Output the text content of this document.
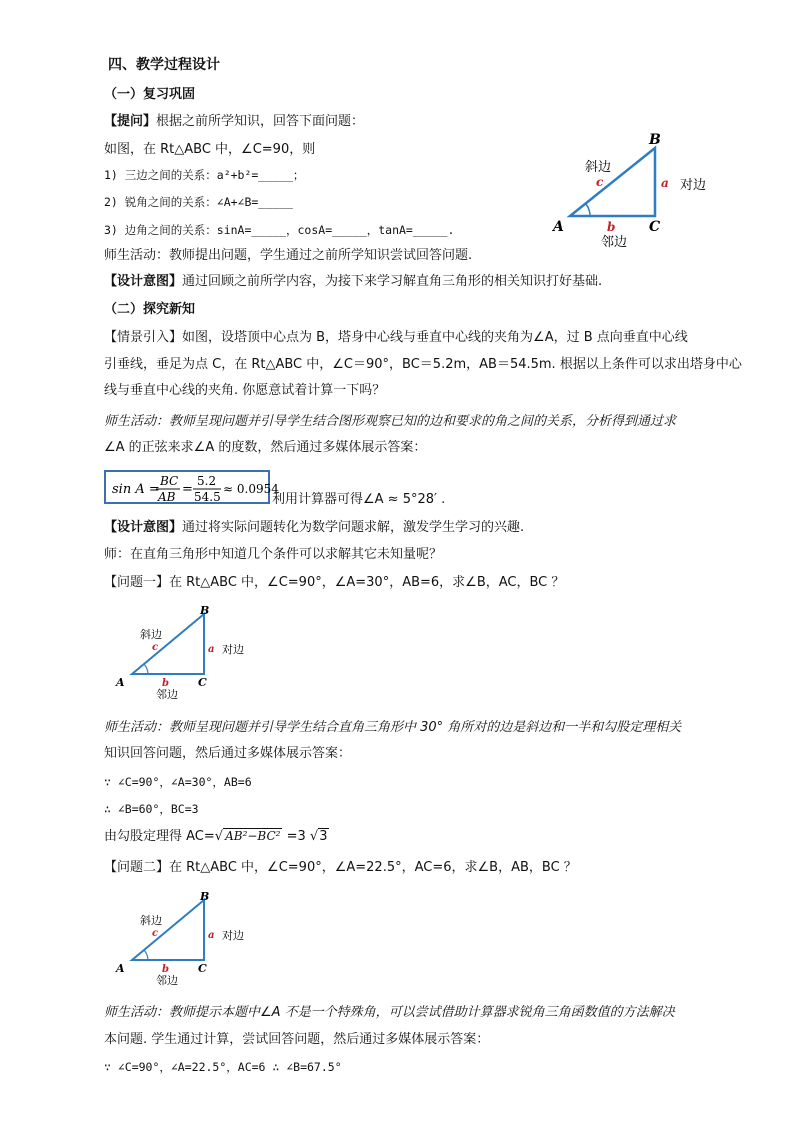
四、教学过程设计
（一）复习巩固
【提问】根据之前所学知识，回答下面问题：
如图，在 Rt△ABC 中，∠C=90，则
1) 三边之间的关系：a²+b²=_____；
2) 锐角之间的关系：∠A+∠B=_____
3) 边角之间的关系：sinA=_____，cosA=_____，tanA=_____.
师生活动：教师提出问题，学生通过之前所学知识尝试回答问题.
【设计意图】通过回顾之前所学内容，为接下来学习解直角三角形的相关知识打好基础.
B
A	C
斜边
c	a 对边
b
邻边
（二）探究新知
【情景引入】如图，设塔顶中心点为 B，塔身中心线与垂直中心线的夹角为∠A，过 B 点向垂直中心线
引垂线，垂足为点 C，在 Rt△ABC 中，∠C＝90°，BC＝5.2m，AB＝54.5m. 根据以上条件可以求出塔身中心
线与垂直中心线的夹角. 你愿意试着计算一下吗？
师生活动：教师呈现问题并引导学生结合图形观察已知的边和要求的角之间的关系，分析得到通过求
∠A 的正弦来求∠A 的度数，然后通过多媒体展示答案：
sin A =
BC
AB =
5.2
54.5
≈ 0.0954
利用计算器可得∠A ≈ 5°28′ .
【设计意图】通过将实际问题转化为数学问题求解，激发学生学习的兴趣.
师：在直角三角形中知道几个条件可以求解其它未知量呢？
【问题一】在 Rt△ABC 中，∠C=90°，∠A=30°，AB=6，求∠B，AC，BC ？
B
A	C
斜边
c	a 对边
b
邻边
师生活动：教师呈现问题并引导学生结合直角三角形中 30° 角所对的边是斜边和一半和勾股定理相关
知识回答问题，然后通过多媒体展示答案：
∵ ∠C=90°，∠A=30°，AB=6
∴ ∠B=60°，BC=3
由勾股定理得 AC=√ AB²−BC² =3 √3
【问题二】在 Rt△ABC 中，∠C=90°，∠A=22.5°，AC=6，求∠B，AB，BC ？
B
A	C
斜边
c	a 对边
b
邻边
师生活动：教师提示本题中∠A 不是一个特殊角，可以尝试借助计算器求锐角三角函数值的方法解决
本问题. 学生通过计算，尝试回答问题，然后通过多媒体展示答案：
∵ ∠C=90°，∠A=22.5°，AC=6 ∴ ∠B=67.5°
